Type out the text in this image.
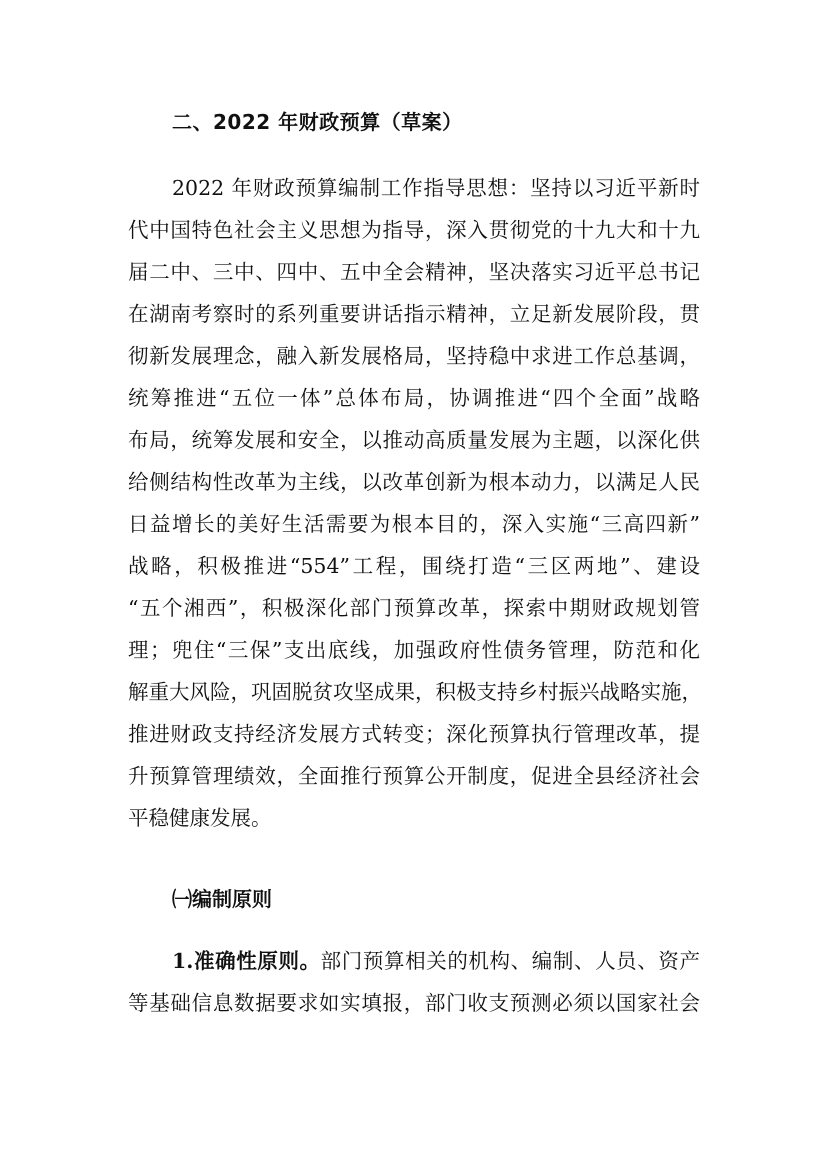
二、2022 年财政预算（草案）
2022 年财政预算编制工作指导思想：坚持以习近平新时
代中国特色社会主义思想为指导，深入贯彻党的十九大和十九
届二中、三中、四中、五中全会精神，坚决落实习近平总书记
在湖南考察时的系列重要讲话指示精神，立足新发展阶段，贯
彻新发展理念，融入新发展格局，坚持稳中求进工作总基调，
统筹推进“五位一体”总体布局，协调推进“四个全面”战略
布局，统筹发展和安全，以推动高质量发展为主题，以深化供
给侧结构性改革为主线，以改革创新为根本动力，以满足人民
日益增长的美好生活需要为根本目的，深入实施“三高四新”
战略，积极推进“554”工程，围绕打造“三区两地”、建设
“五个湘西”，积极深化部门预算改革，探索中期财政规划管
理；兜住“三保”支出底线，加强政府性债务管理，防范和化
解重大风险，巩固脱贫攻坚成果，积极支持乡村振兴战略实施，
推进财政支持经济发展方式转变；深化预算执行管理改革，提
升预算管理绩效，全面推行预算公开制度，促进全县经济社会
平稳健康发展。
㈠编制原则
1.准确性原则。部门预算相关的机构、编制、人员、资产
等基础信息数据要求如实填报，部门收支预测必须以国家社会
